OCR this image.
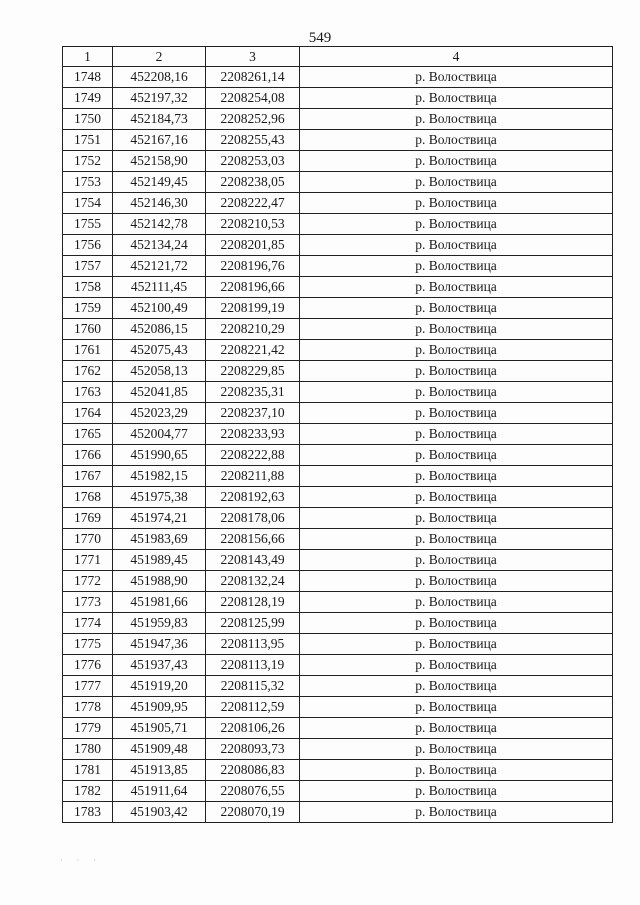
549
1	2	3	4
1748	452208,16	2208261,14	р. Волоствица
1749	452197,32	2208254,08	р. Волоствица
1750	452184,73	2208252,96	р. Волоствица
1751	452167,16	2208255,43	р. Волоствица
1752	452158,90	2208253,03	р. Волоствица
1753	452149,45	2208238,05	р. Волоствица
1754	452146,30	2208222,47	р. Волоствица
1755	452142,78	2208210,53	р. Волоствица
1756	452134,24	2208201,85	р. Волоствица
1757	452121,72	2208196,76	р. Волоствица
1758	452111,45	2208196,66	р. Волоствица
1759	452100,49	2208199,19	р. Волоствица
1760	452086,15	2208210,29	р. Волоствица
1761	452075,43	2208221,42	р. Волоствица
1762	452058,13	2208229,85	р. Волоствица
1763	452041,85	2208235,31	р. Волоствица
1764	452023,29	2208237,10	р. Волоствица
1765	452004,77	2208233,93	р. Волоствица
1766	451990,65	2208222,88	р. Волоствица
1767	451982,15	2208211,88	р. Волоствица
1768	451975,38	2208192,63	р. Волоствица
1769	451974,21	2208178,06	р. Волоствица
1770	451983,69	2208156,66	р. Волоствица
1771	451989,45	2208143,49	р. Волоствица
1772	451988,90	2208132,24	р. Волоствица
1773	451981,66	2208128,19	р. Волоствица
1774	451959,83	2208125,99	р. Волоствица
1775	451947,36	2208113,95	р. Волоствица
1776	451937,43	2208113,19	р. Волоствица
1777	451919,20	2208115,32	р. Волоствица
1778	451909,95	2208112,59	р. Волоствица
1779	451905,71	2208106,26	р. Волоствица
1780	451909,48	2208093,73	р. Волоствица
1781	451913,85	2208086,83	р. Волоствица
1782	451911,64	2208076,55	р. Волоствица
1783	451903,42	2208070,19	р. Волоствица
· · ·
